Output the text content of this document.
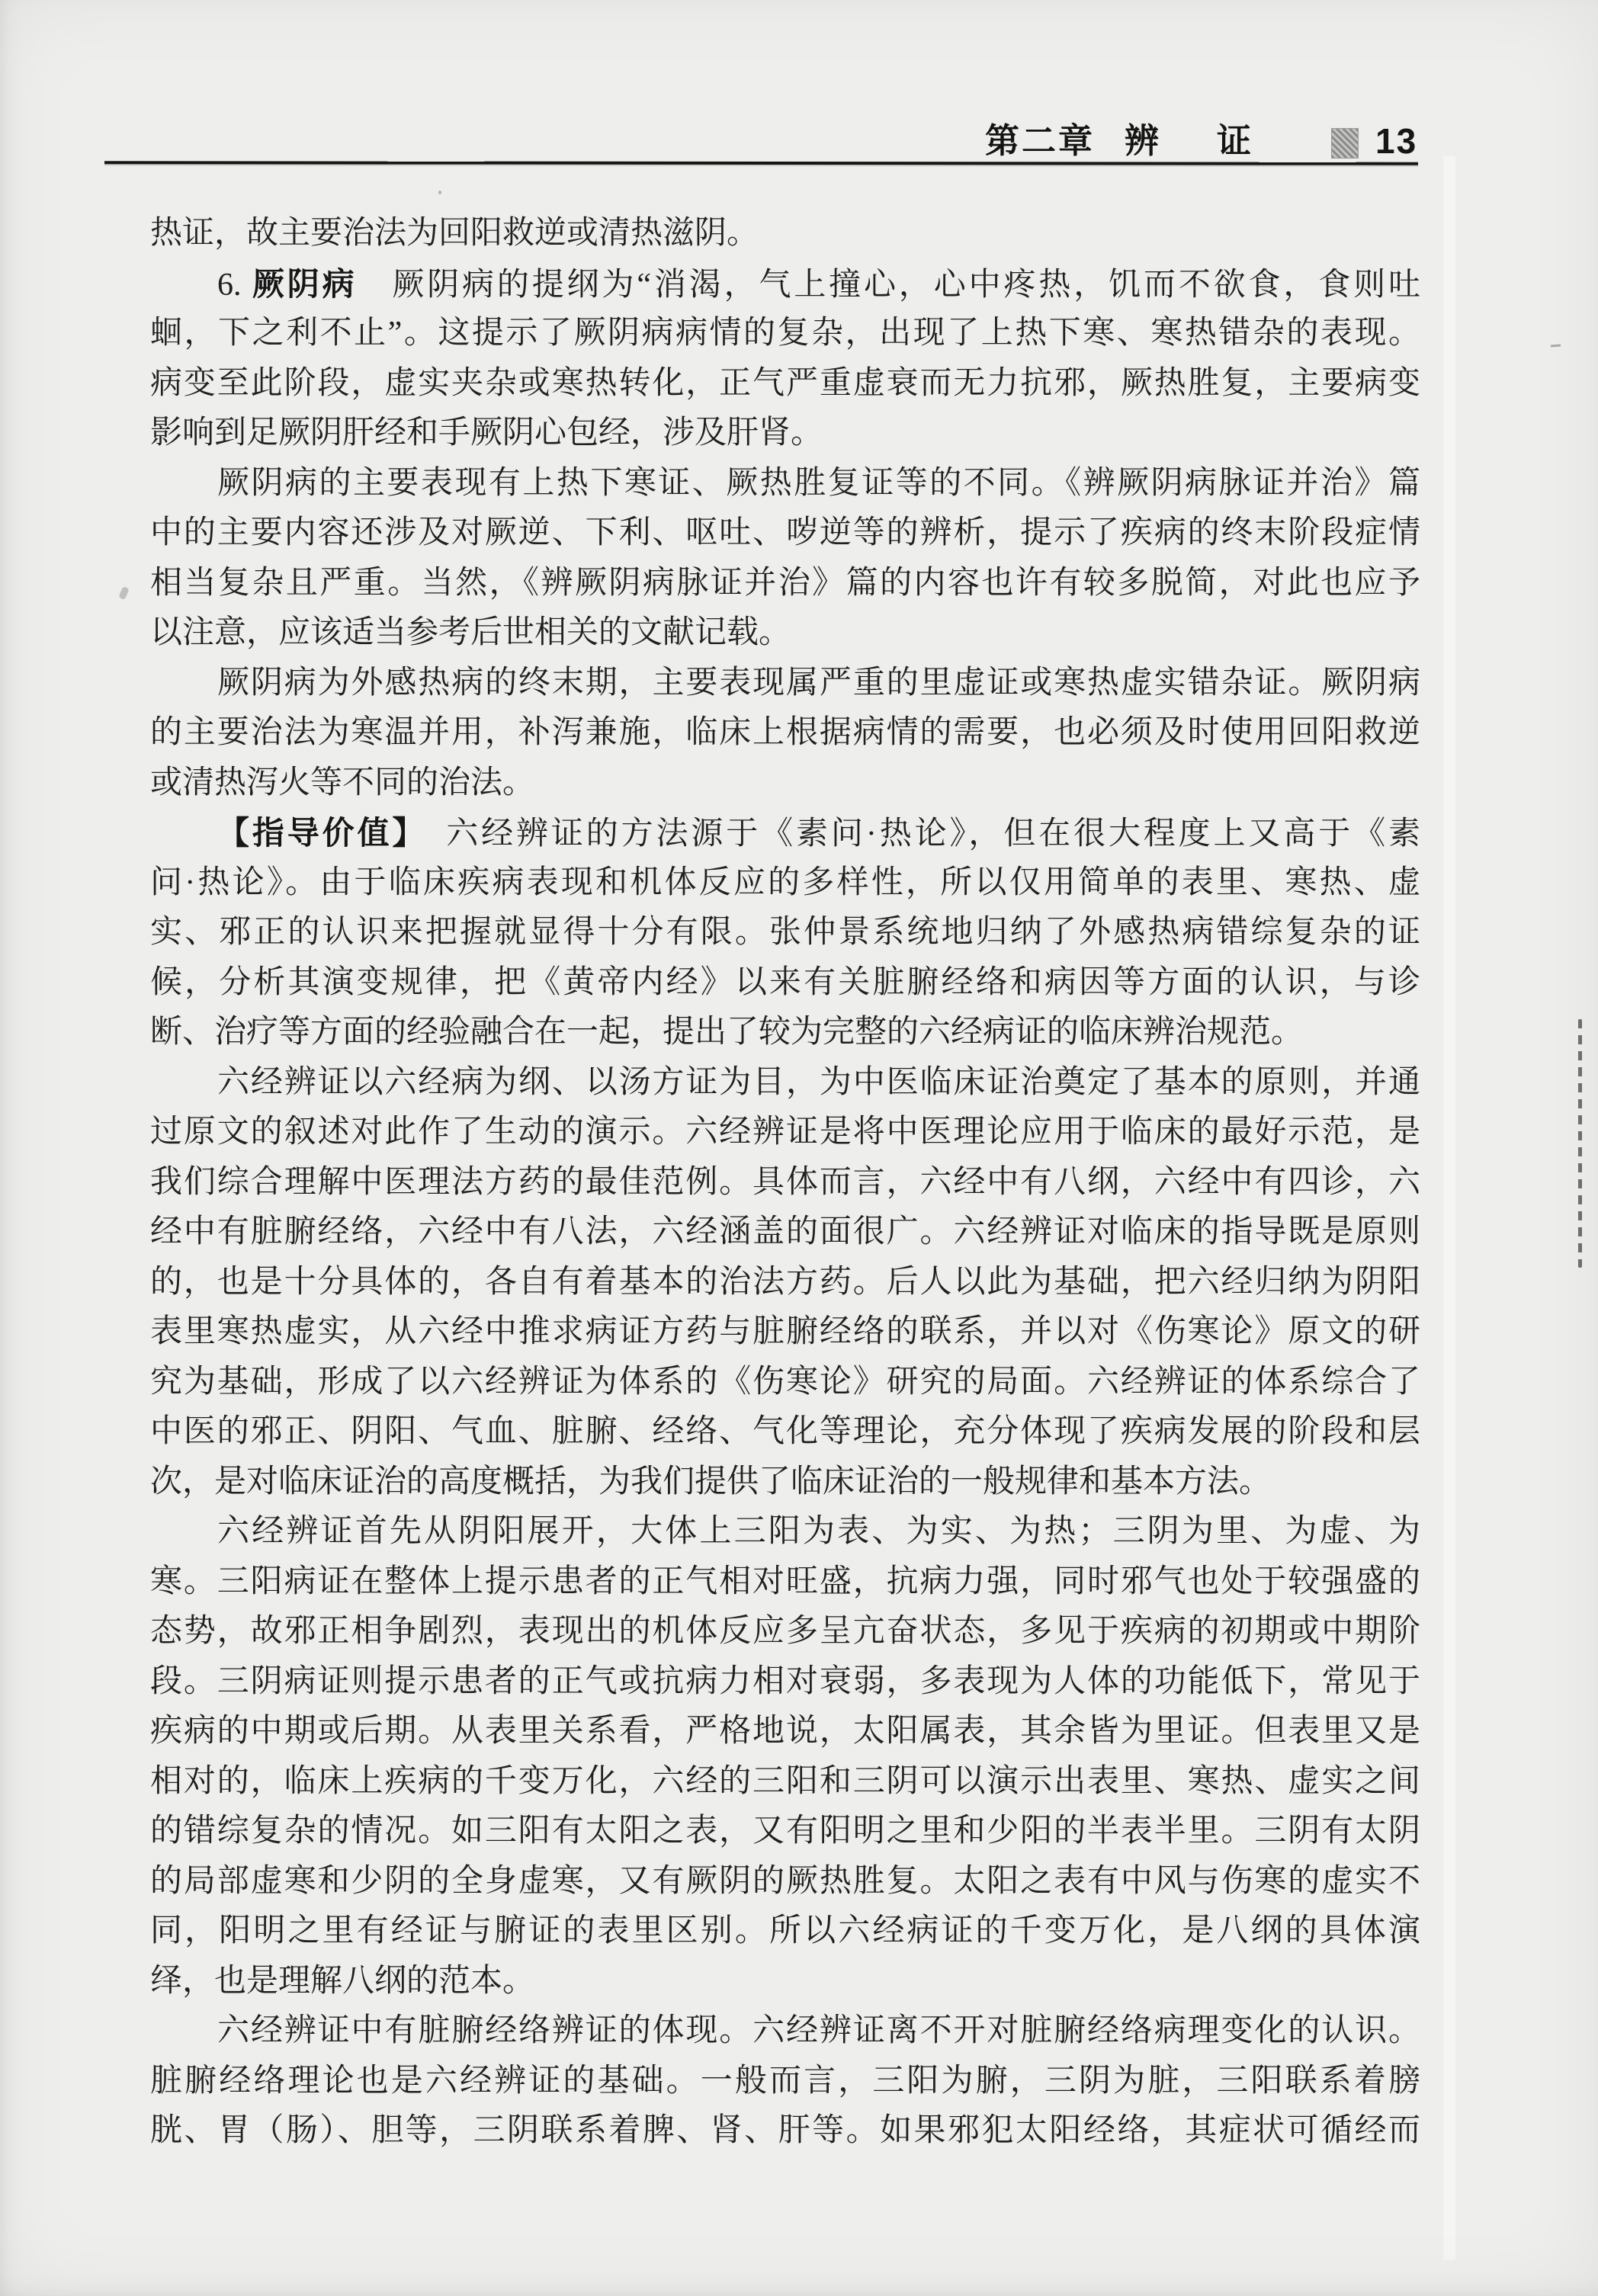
第二章 辨 证	13
热证，故主要治法为回阳救逆或清热滋阴。
6. 厥阴病　厥阴病的提纲为“消渴，气上撞心，心中疼热，饥而不欲食，食则吐
蛔，下之利不止”。这提示了厥阴病病情的复杂，出现了上热下寒、寒热错杂的表现。
病变至此阶段，虚实夹杂或寒热转化，正气严重虚衰而无力抗邪，厥热胜复，主要病变
影响到足厥阴肝经和手厥阴心包经，涉及肝肾。
厥阴病的主要表现有上热下寒证、厥热胜复证等的不同。《辨厥阴病脉证并治》篇
中的主要内容还涉及对厥逆、下利、呕吐、哕逆等的辨析，提示了疾病的终末阶段症情
相当复杂且严重。当然，《辨厥阴病脉证并治》篇的内容也许有较多脱简，对此也应予
以注意，应该适当参考后世相关的文献记载。
厥阴病为外感热病的终末期，主要表现属严重的里虚证或寒热虚实错杂证。厥阴病
的主要治法为寒温并用，补泻兼施，临床上根据病情的需要，也必须及时使用回阳救逆
或清热泻火等不同的治法。
【指导价值】　六经辨证的方法源于《素问·热论》，但在很大程度上又高于《素
问·热论》。由于临床疾病表现和机体反应的多样性，所以仅用简单的表里、寒热、虚
实、邪正的认识来把握就显得十分有限。张仲景系统地归纳了外感热病错综复杂的证
候，分析其演变规律，把《黄帝内经》以来有关脏腑经络和病因等方面的认识，与诊
断、治疗等方面的经验融合在一起，提出了较为完整的六经病证的临床辨治规范。
六经辨证以六经病为纲、以汤方证为目，为中医临床证治奠定了基本的原则，并通
过原文的叙述对此作了生动的演示。六经辨证是将中医理论应用于临床的最好示范，是
我们综合理解中医理法方药的最佳范例。具体而言，六经中有八纲，六经中有四诊，六
经中有脏腑经络，六经中有八法，六经涵盖的面很广。六经辨证对临床的指导既是原则
的，也是十分具体的，各自有着基本的治法方药。后人以此为基础，把六经归纳为阴阳
表里寒热虚实，从六经中推求病证方药与脏腑经络的联系，并以对《伤寒论》原文的研
究为基础，形成了以六经辨证为体系的《伤寒论》研究的局面。六经辨证的体系综合了
中医的邪正、阴阳、气血、脏腑、经络、气化等理论，充分体现了疾病发展的阶段和层
次，是对临床证治的高度概括，为我们提供了临床证治的一般规律和基本方法。
六经辨证首先从阴阳展开，大体上三阳为表、为实、为热；三阴为里、为虚、为
寒。三阳病证在整体上提示患者的正气相对旺盛，抗病力强，同时邪气也处于较强盛的
态势，故邪正相争剧烈，表现出的机体反应多呈亢奋状态，多见于疾病的初期或中期阶
段。三阴病证则提示患者的正气或抗病力相对衰弱，多表现为人体的功能低下，常见于
疾病的中期或后期。从表里关系看，严格地说，太阳属表，其余皆为里证。但表里又是
相对的，临床上疾病的千变万化，六经的三阳和三阴可以演示出表里、寒热、虚实之间
的错综复杂的情况。如三阳有太阳之表，又有阳明之里和少阳的半表半里。三阴有太阴
的局部虚寒和少阴的全身虚寒，又有厥阴的厥热胜复。太阳之表有中风与伤寒的虚实不
同，阳明之里有经证与腑证的表里区别。所以六经病证的千变万化，是八纲的具体演
绎，也是理解八纲的范本。
六经辨证中有脏腑经络辨证的体现。六经辨证离不开对脏腑经络病理变化的认识。
脏腑经络理论也是六经辨证的基础。一般而言，三阳为腑，三阴为脏，三阳联系着膀
胱、胃（肠）、胆等，三阴联系着脾、肾、肝等。如果邪犯太阳经络，其症状可循经而
